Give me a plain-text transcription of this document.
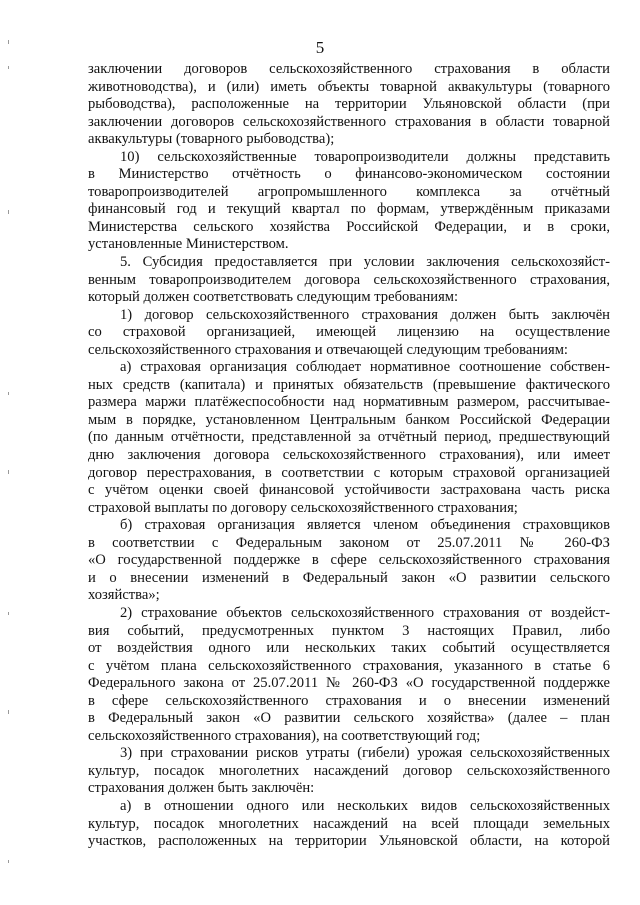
5
заключении договоров сельскохозяйственного страхования в области
животноводства), и (или) иметь объекты товарной аквакультуры (товарного
рыбоводства), расположенные на территории Ульяновской области (при
заключении договоров сельскохозяйственного страхования в области товарной
аквакультуры (товарного рыбоводства);
10) сельскохозяйственные товаропроизводители должны представить
в Министерство отчётность о финансово-экономическом состоянии
товаропроизводителей агропромышленного комплекса за отчётный
финансовый год и текущий квартал по формам, утверждённым приказами
Министерства сельского хозяйства Российской Федерации, и в сроки,
установленные Министерством.
5. Субсидия предоставляется при условии заключения сельскохозяйст-
венным товаропроизводителем договора сельскохозяйственного страхования,
который должен соответствовать следующим требованиям:
1) договор сельскохозяйственного страхования должен быть заключён
со страховой организацией, имеющей лицензию на осуществление
сельскохозяйственного страхования и отвечающей следующим требованиям:
а) страховая организация соблюдает нормативное соотношение собствен-
ных средств (капитала) и принятых обязательств (превышение фактического
размера маржи платёжеспособности над нормативным размером, рассчитывае-
мым в порядке, установленном Центральным банком Российской Федерации
(по данным отчётности, представленной за отчётный период, предшествующий
дню заключения договора сельскохозяйственного страхования), или имеет
договор перестрахования, в соответствии с которым страховой организацией
с учётом оценки своей финансовой устойчивости застрахована часть риска
страховой выплаты по договору сельскохозяйственного страхования;
б) страховая организация является членом объединения страховщиков
в соответствии с Федеральным законом от 25.07.2011 № 260-ФЗ
«О государственной поддержке в сфере сельскохозяйственного страхования
и о внесении изменений в Федеральный закон «О развитии сельского
хозяйства»;
2) страхование объектов сельскохозяйственного страхования от воздейст-
вия событий, предусмотренных пунктом 3 настоящих Правил, либо
от воздействия одного или нескольких таких событий осуществляется
с учётом плана сельскохозяйственного страхования, указанного в статье 6
Федерального закона от 25.07.2011 № 260-ФЗ «О государственной поддержке
в сфере сельскохозяйственного страхования и о внесении изменений
в Федеральный закон «О развитии сельского хозяйства» (далее – план
сельскохозяйственного страхования), на соответствующий год;
3) при страховании рисков утраты (гибели) урожая сельскохозяйственных
культур, посадок многолетних насаждений договор сельскохозяйственного
страхования должен быть заключён:
а) в отношении одного или нескольких видов сельскохозяйственных
культур, посадок многолетних насаждений на всей площади земельных
участков, расположенных на территории Ульяновской области, на которой
